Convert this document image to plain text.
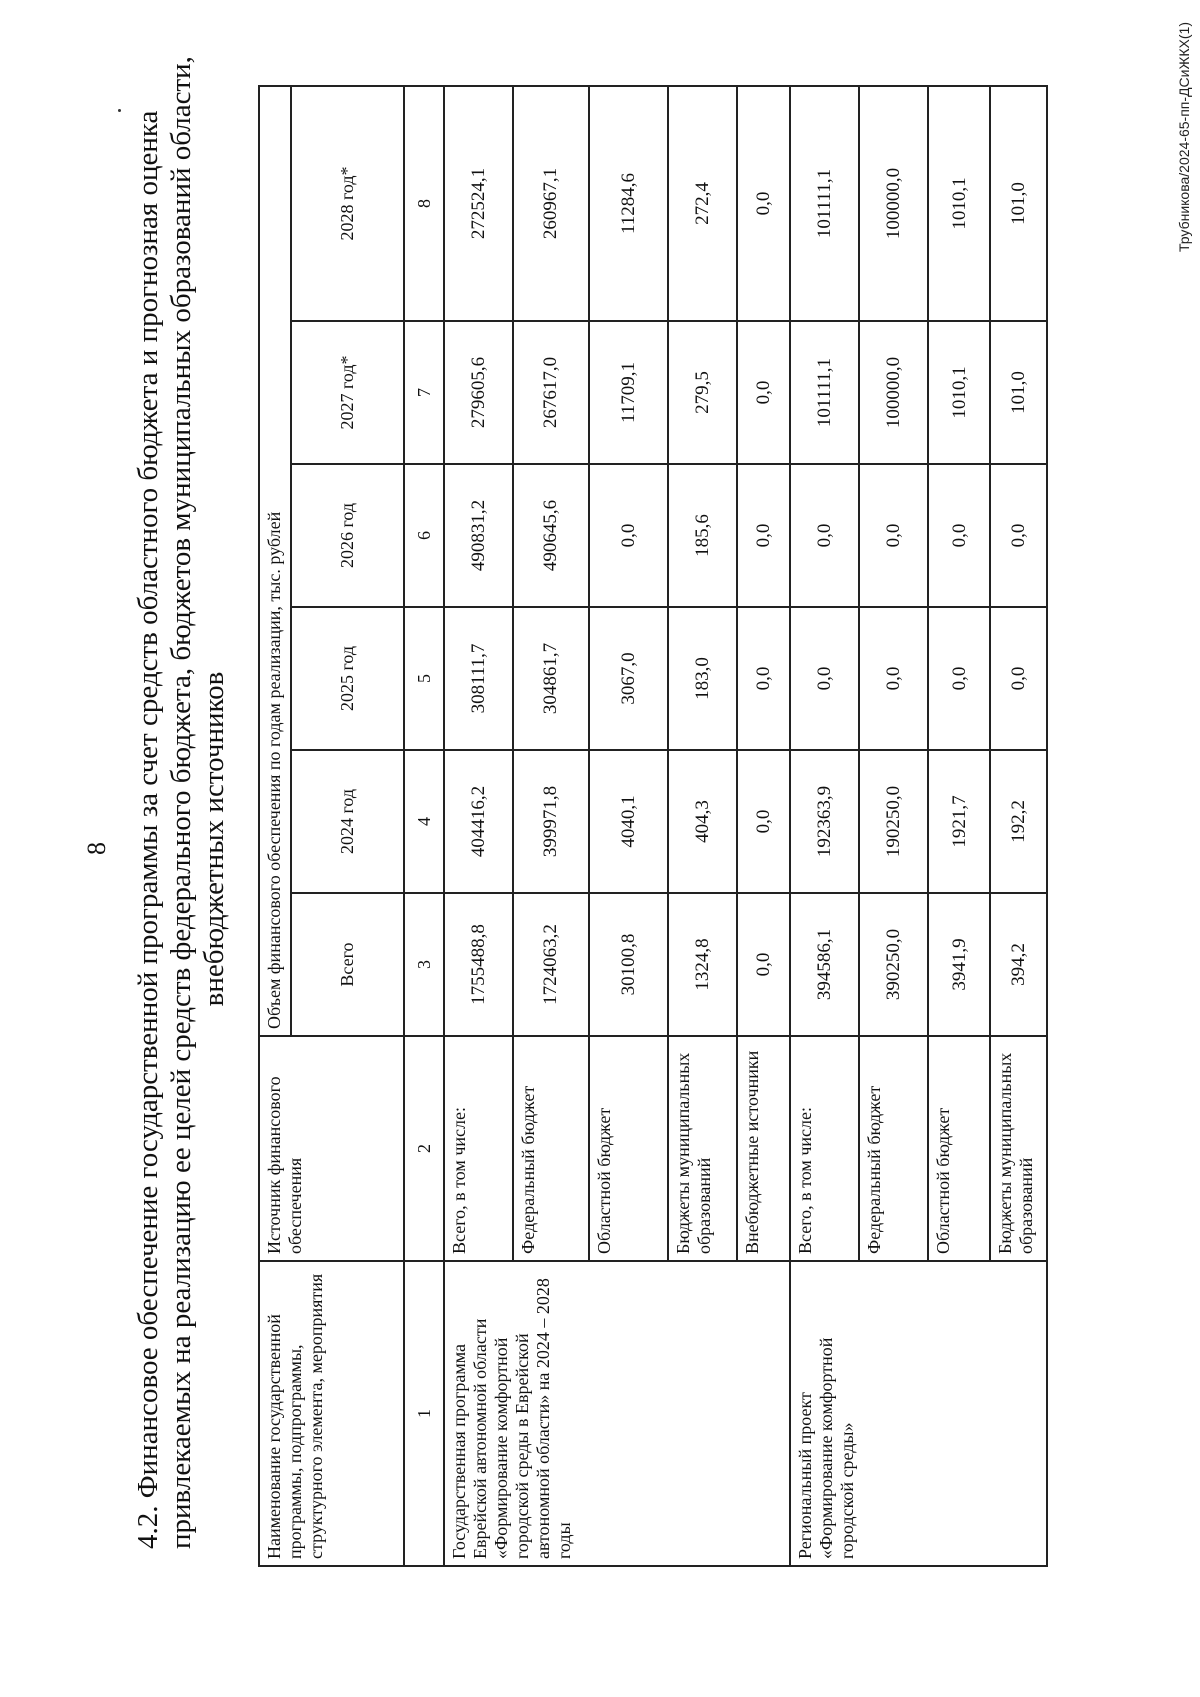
8 4.2. Финансовое обеспечение государственной программы за счет средств областного бюджета и прогнозная оценка привлекаемых на реализацию ее целей средств федерального бюджета, бюджетов муниципальных образований области, внебюджетных источников
Наименование государственной программы, подпрограммы, структурного элемента, мероприятия	Источник финансового обеспечения	Объем финансового обеспечения по годам реализации, тыс. рублей					
		Всего	2024 год	2025 год	2026 год	2027 год*	2028 год*
1	2	3	4	5	6	7	8
Государственная программа Еврейской автономной области «Формирование комфортной городской среды в Еврейской автономной области» на 2024 – 2028 годы	Всего, в том числе:	1755488,8	404416,2	308111,7	490831,2	279605,6	272524,1
	Федеральный бюджет	1724063,2	399971,8	304861,7	490645,6	267617,0	260967,1
	Областной бюджет	30100,8	4040,1	3067,0	0,0	11709,1	11284,6
	Бюджеты муниципальных образований	1324,8	404,3	183,0	185,6	279,5	272,4
	Внебюджетные источники	0,0	0,0	0,0	0,0	0,0	0,0
Региональный проект «Формирование комфортной городской среды»	Всего, в том числе:	394586,1	192363,9	0,0	0,0	101111,1	101111,1
	Федеральный бюджет	390250,0	190250,0	0,0	0,0	100000,0	100000,0
	Областной бюджет	3941,9	1921,7	0,0	0,0	1010,1	1010,1
	Бюджеты муниципальных образований	394,2	192,2	0,0	0,0	101,0	101,0	Трубникова/2024-65-пп-ДСиЖКХ(1)
